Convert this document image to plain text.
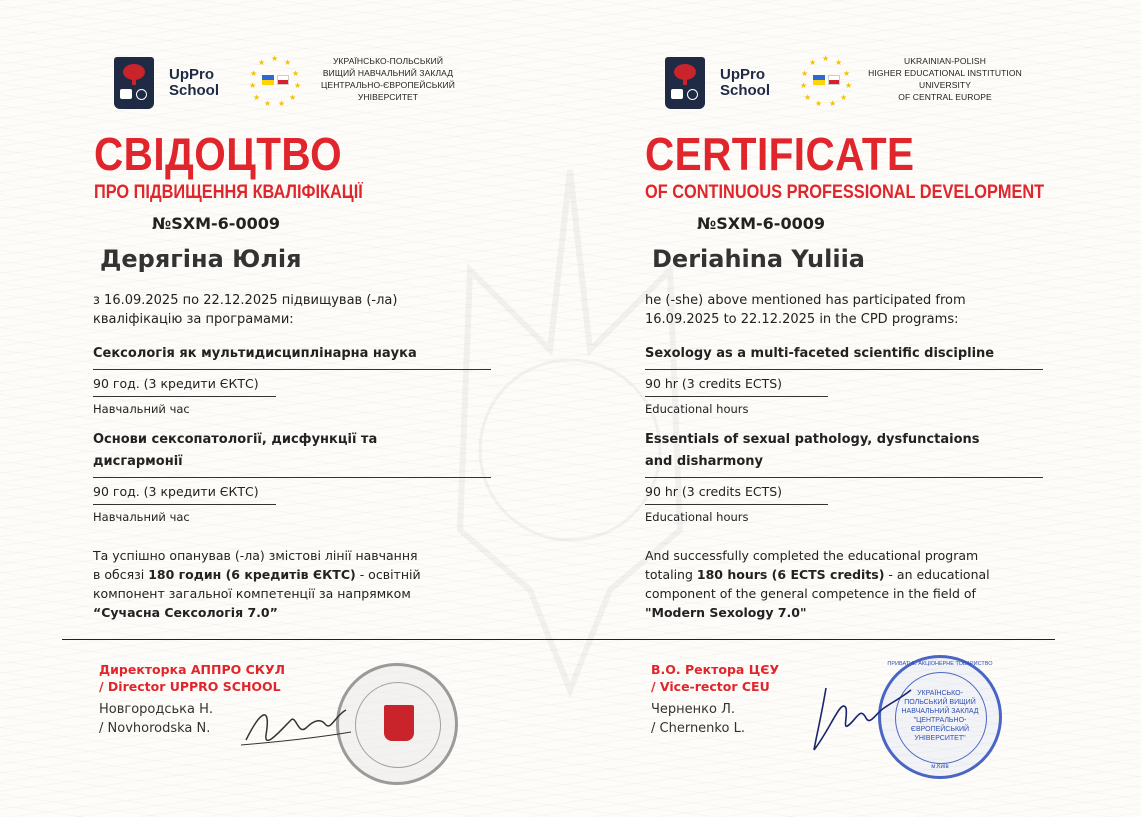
UpPro
School
★ ★
★
★
★
★
★
★
★
★
★	УКРАЇНСЬКО-ПОЛЬСЬКИЙ
ВИЩИЙ НАВЧАЛЬНИЙ ЗАКЛАД
ЦЕНТРАЛЬНО-ЄВРОПЕЙСЬКИЙ
УНІВЕРСИТЕТ
СВІДОЦТВО
ПРО ПІДВИЩЕННЯ КВАЛІФІКАЦІЇ
№SXM-6-0009
Дерягіна Юлія
з 16.09.2025 по 22.12.2025 підвищував (-ла)
кваліфікацію за програмами:
Сексологія як мультидисциплінарна наука
90 год. (3 кредити ЄКТС)
Навчальний час
Основи сексопатології, дисфункції та
дисгармонії
90 год. (3 кредити ЄКТС)
Навчальний час
Та успішно опанував (-ла) змістові лінії навчання
в обсязі 180 годин (6 кредитів ЄКТС) - освітній
компонент загальної компетенції за напрямком
“Сучасна Сексологія 7.0”
Директорка АППРО СКУЛ
/ Director UPPRO SCHOOL
Новгородська Н.
/ Novhorodska N.
UpPro
School
★ ★
★
★
★
★
★
★
★
★
★	UKRAINIAN-POLISH
HIGHER EDUCATIONAL INSTITUTION
UNIVERSITY
OF CENTRAL EUROPE
CERTIFICATE
OF CONTINUOUS PROFESSIONAL DEVELOPMENT
№SXM-6-0009
Deriahina Yuliia
he (-she) above mentioned has participated from
16.09.2025 to 22.12.2025 in the CPD programs:
Sexology as a multi-faceted scientific discipline
90 hr (3 credits ECTS)
Educational hours
Essentials of sexual pathology, dysfunctaions
and disharmony
90 hr (3 credits ECTS)
Educational hours
And successfully completed the educational program
totaling 180 hours (6 ECTS credits) - an educational
component of the general competence in the field of
"Modern Sexology 7.0"
В.О. Ректора ЦЄУ
/ Vice-rector CEU
Черненко Л.
/ Chernenko L.
УКРАЇНСЬКО-
ПОЛЬСЬКИЙ ВИЩИЙ
НАВЧАЛЬНИЙ ЗАКЛАД
"ЦЕНТРАЛЬНО-
ЄВРОПЕЙСЬКИЙ
УНІВЕРСИТЕТ"
ПРИВАТНЕ АКЦІОНЕРНЕ ТОВАРИСТВО
м.Київ
